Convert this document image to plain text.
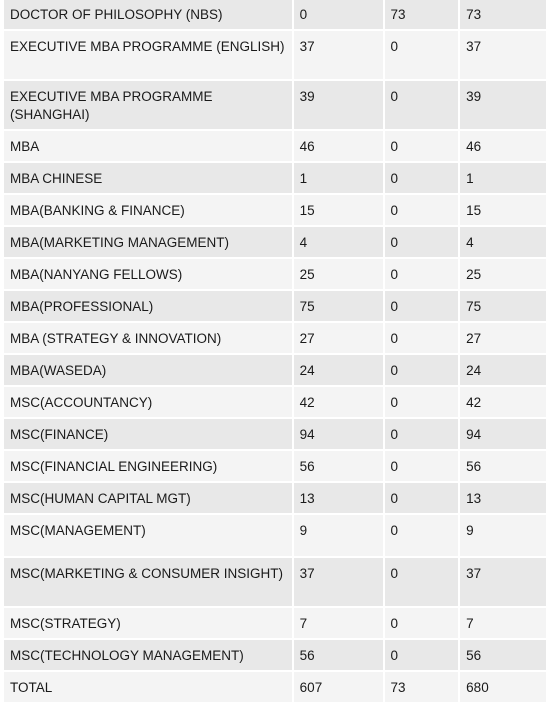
DOCTOR OF PHILOSOPHY (NBS)	0	73	73
EXECUTIVE MBA PROGRAMME (ENGLISH)	37	0	37
EXECUTIVE MBA PROGRAMME (SHANGHAI)	39	0	39
MBA	46	0	46
MBA CHINESE	1	0	1
MBA(BANKING & FINANCE)	15	0	15
MBA(MARKETING MANAGEMENT)	4	0	4
MBA(NANYANG FELLOWS)	25	0	25
MBA(PROFESSIONAL)	75	0	75
MBA (STRATEGY & INNOVATION)	27	0	27
MBA(WASEDA)	24	0	24
MSC(ACCOUNTANCY)	42	0	42
MSC(FINANCE)	94	0	94
MSC(FINANCIAL ENGINEERING)	56	0	56
MSC(HUMAN CAPITAL MGT)	13	0	13
MSC(MANAGEMENT)	9	0	9
MSC(MARKETING & CONSUMER INSIGHT)	37	0	37
MSC(STRATEGY)	7	0	7
MSC(TECHNOLOGY MANAGEMENT)	56	0	56
TOTAL	607	73	680
